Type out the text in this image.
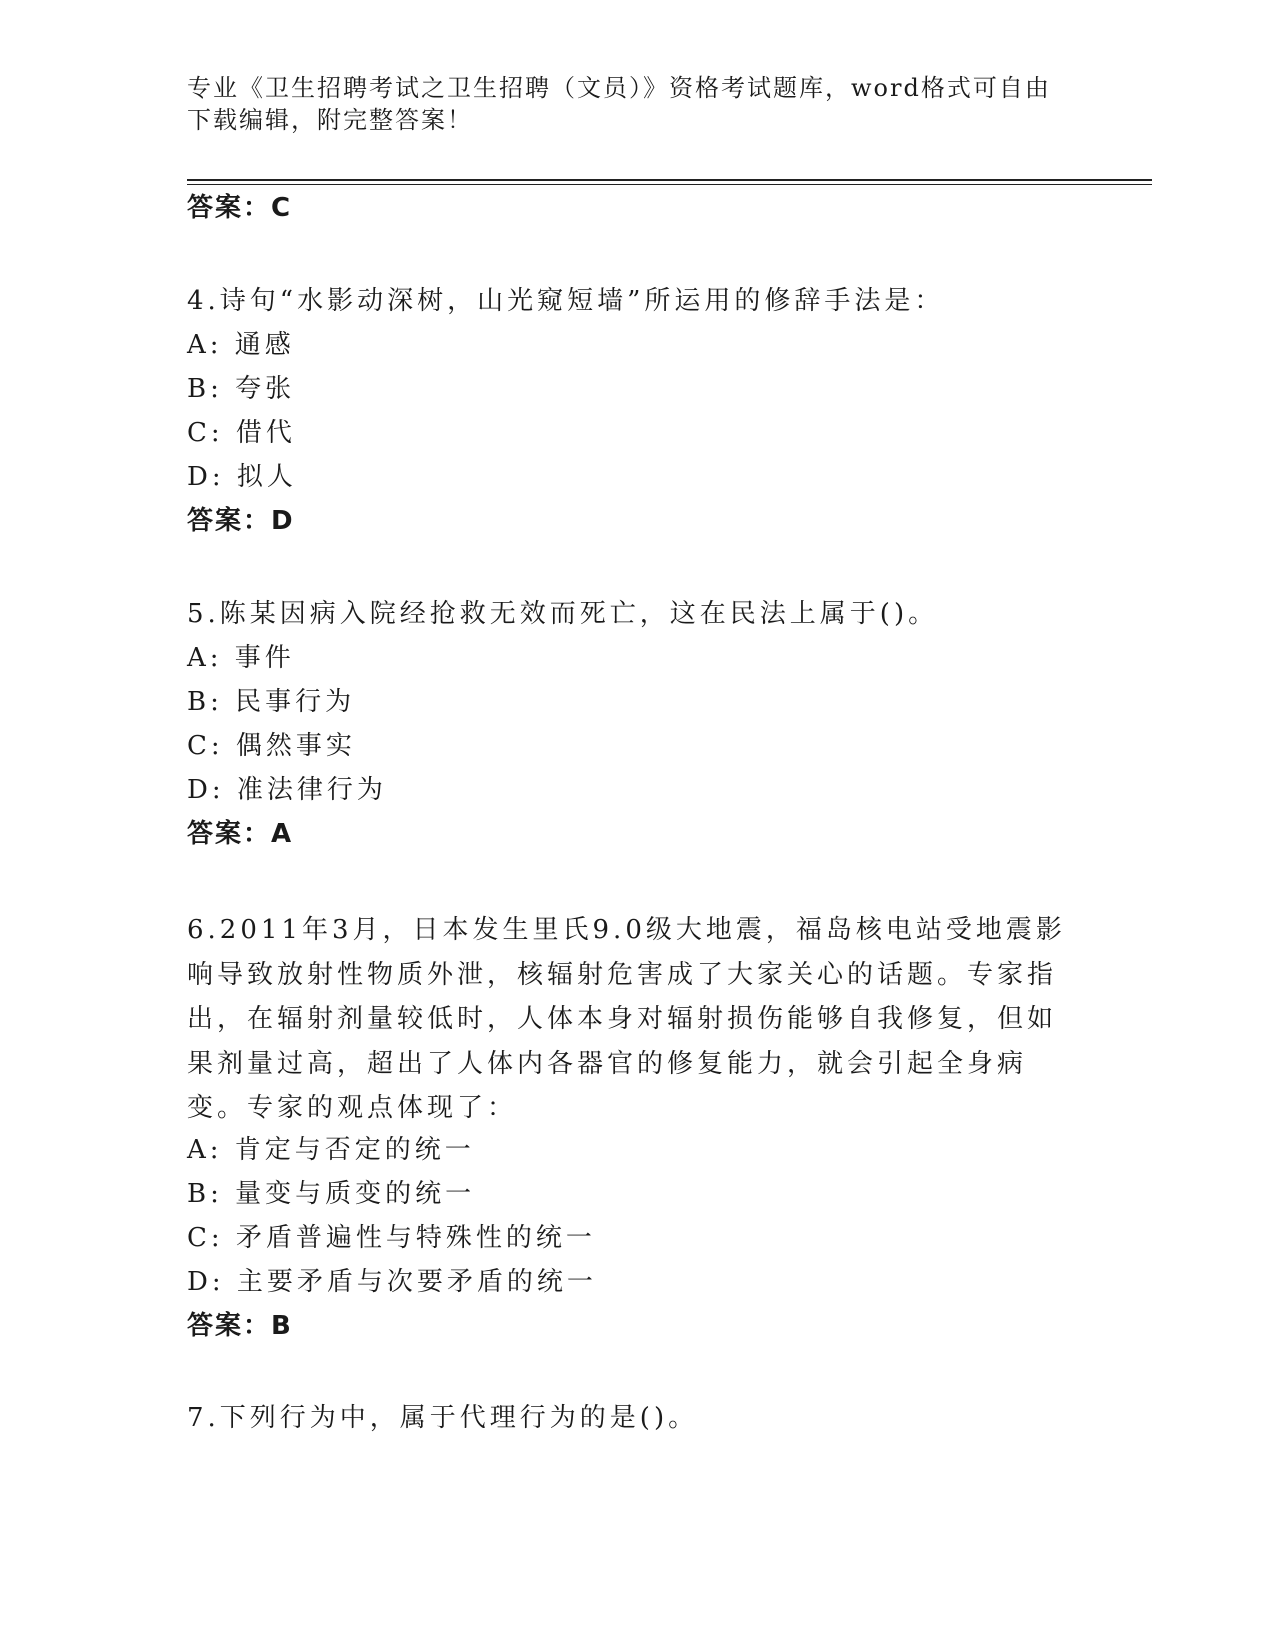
专业《卫生招聘考试之卫生招聘（文员）》资格考试题库，word格式可自由下载编辑，附完整答案！
答案：C
4.诗句“水影动深树，山光窥短墙”所运用的修辞手法是：
A: 通感
B: 夸张
C: 借代
D: 拟人
答案：D
5.陈某因病入院经抢救无效而死亡，这在民法上属于()。
A: 事件
B: 民事行为
C: 偶然事实
D: 准法律行为
答案：A
6.2011年3月，日本发生里氏9.0级大地震，福岛核电站受地震影响导致放射性物质外泄，核辐射危害成了大家关心的话题。专家指出，在辐射剂量较低时，人体本身对辐射损伤能够自我修复，但如果剂量过高，超出了人体内各器官的修复能力，就会引起全身病变。专家的观点体现了：
A: 肯定与否定的统一
B: 量变与质变的统一
C: 矛盾普遍性与特殊性的统一
D: 主要矛盾与次要矛盾的统一
答案：B
7.下列行为中，属于代理行为的是()。
